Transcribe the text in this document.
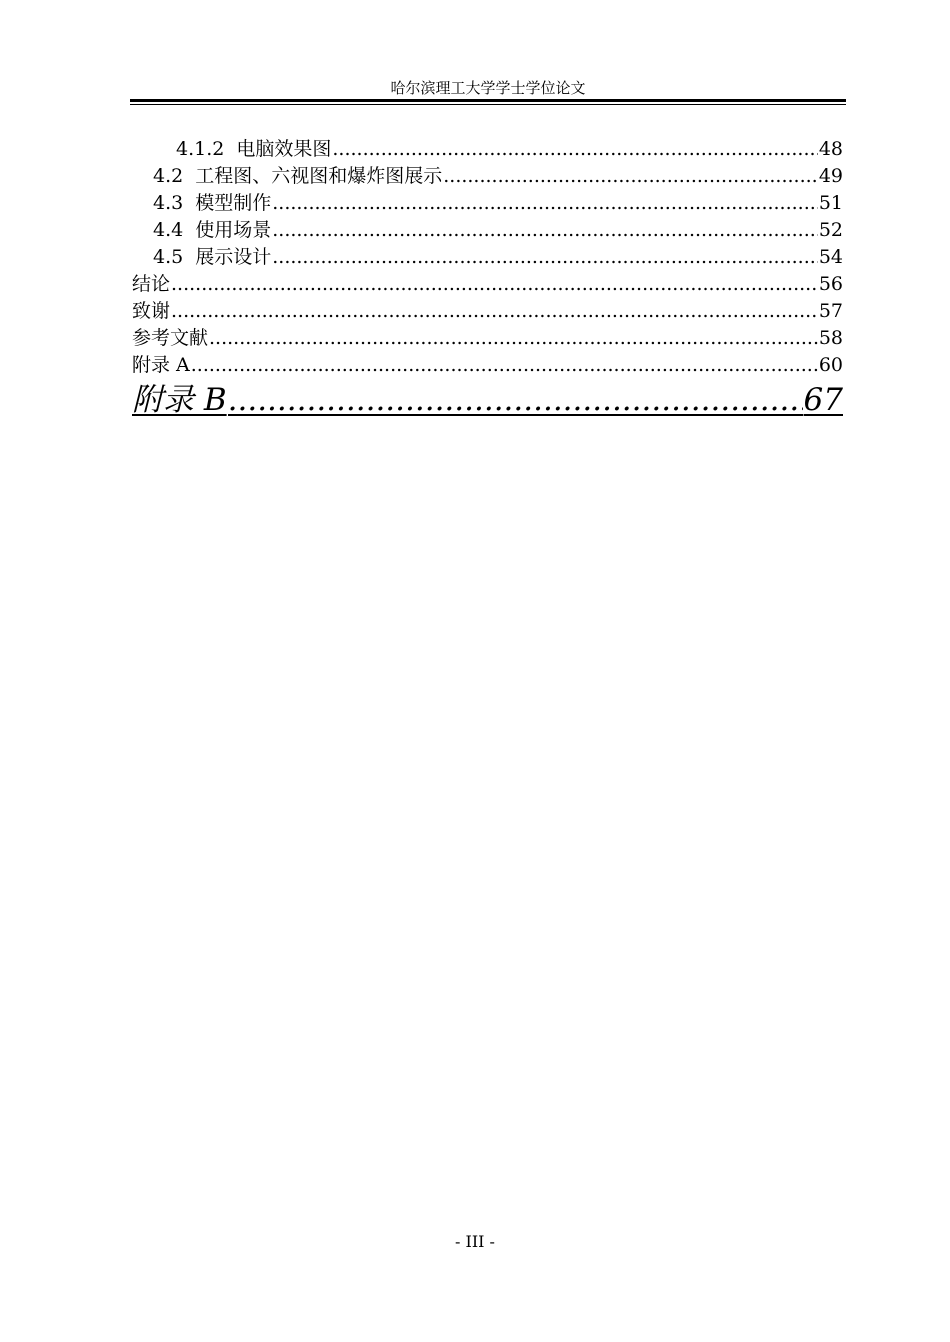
哈尔滨理工大学学士学位论文
4.1.2 电脑效果图 .....	48
4.2 工程图、六视图和爆炸图展示 .....	49
4.3 模型制作 .....	51
4.4 使用场景 .....	52
4.5 展示设计 .....	54
结论 .....	56
致谢 .....	57
参考文献 .....	58
附录 A .....	60
附录 B .....	67
- III -
